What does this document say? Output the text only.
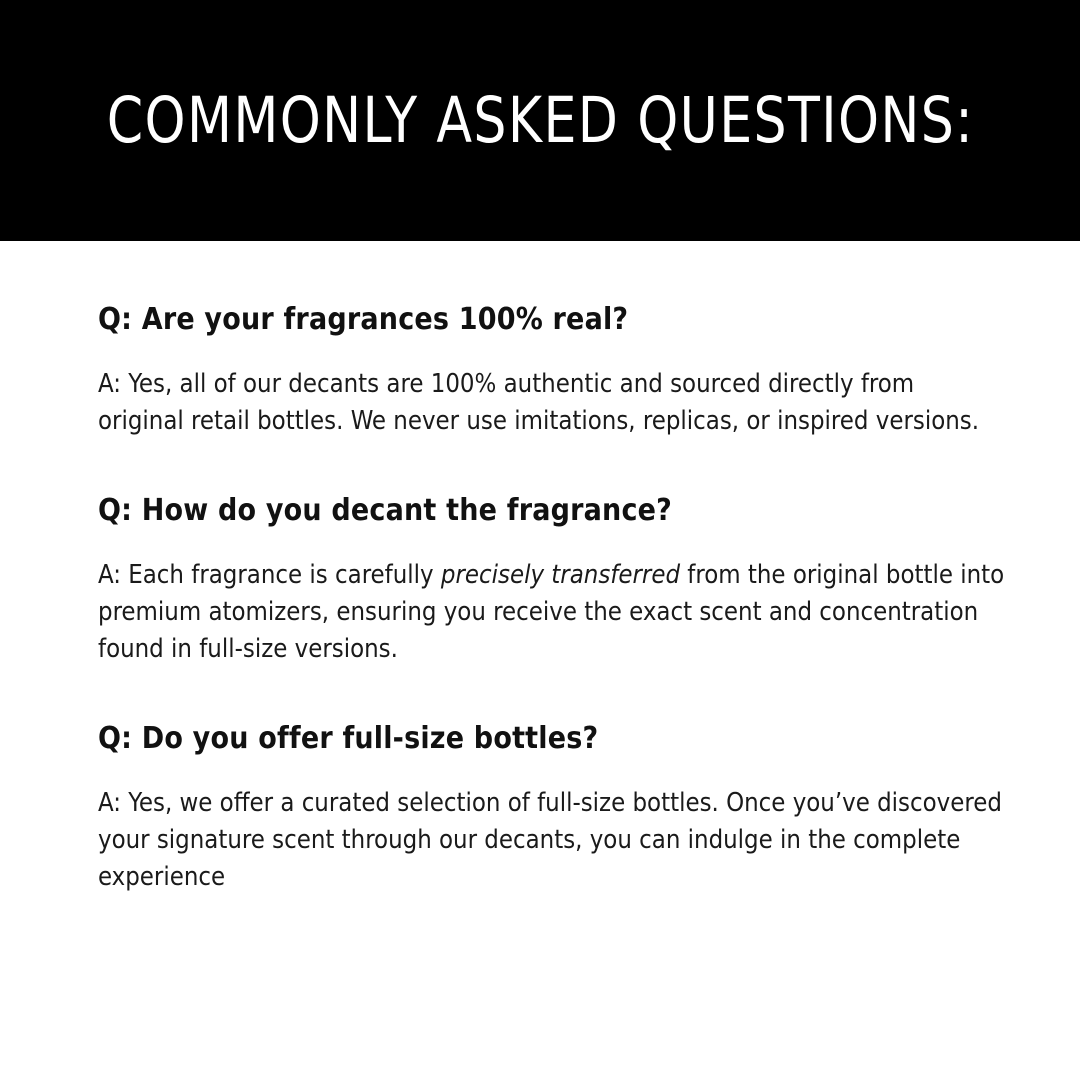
COMMONLY ASKED QUESTIONS:

Q: Are your fragrances 100% real?

A: Yes, all of our decants are 100% authentic and sourced directly from original retail bottles. We never use imitations, replicas, or inspired versions.

Q: How do you decant the fragrance?

A: Each fragrance is carefully precisely transferred from the original bottle into premium atomizers, ensuring you receive the exact scent and concentration found in full-size versions.

Q: Do you offer full-size bottles?

A: Yes, we offer a curated selection of full-size bottles. Once you’ve discovered your signature scent through our decants, you can indulge in the complete experience
